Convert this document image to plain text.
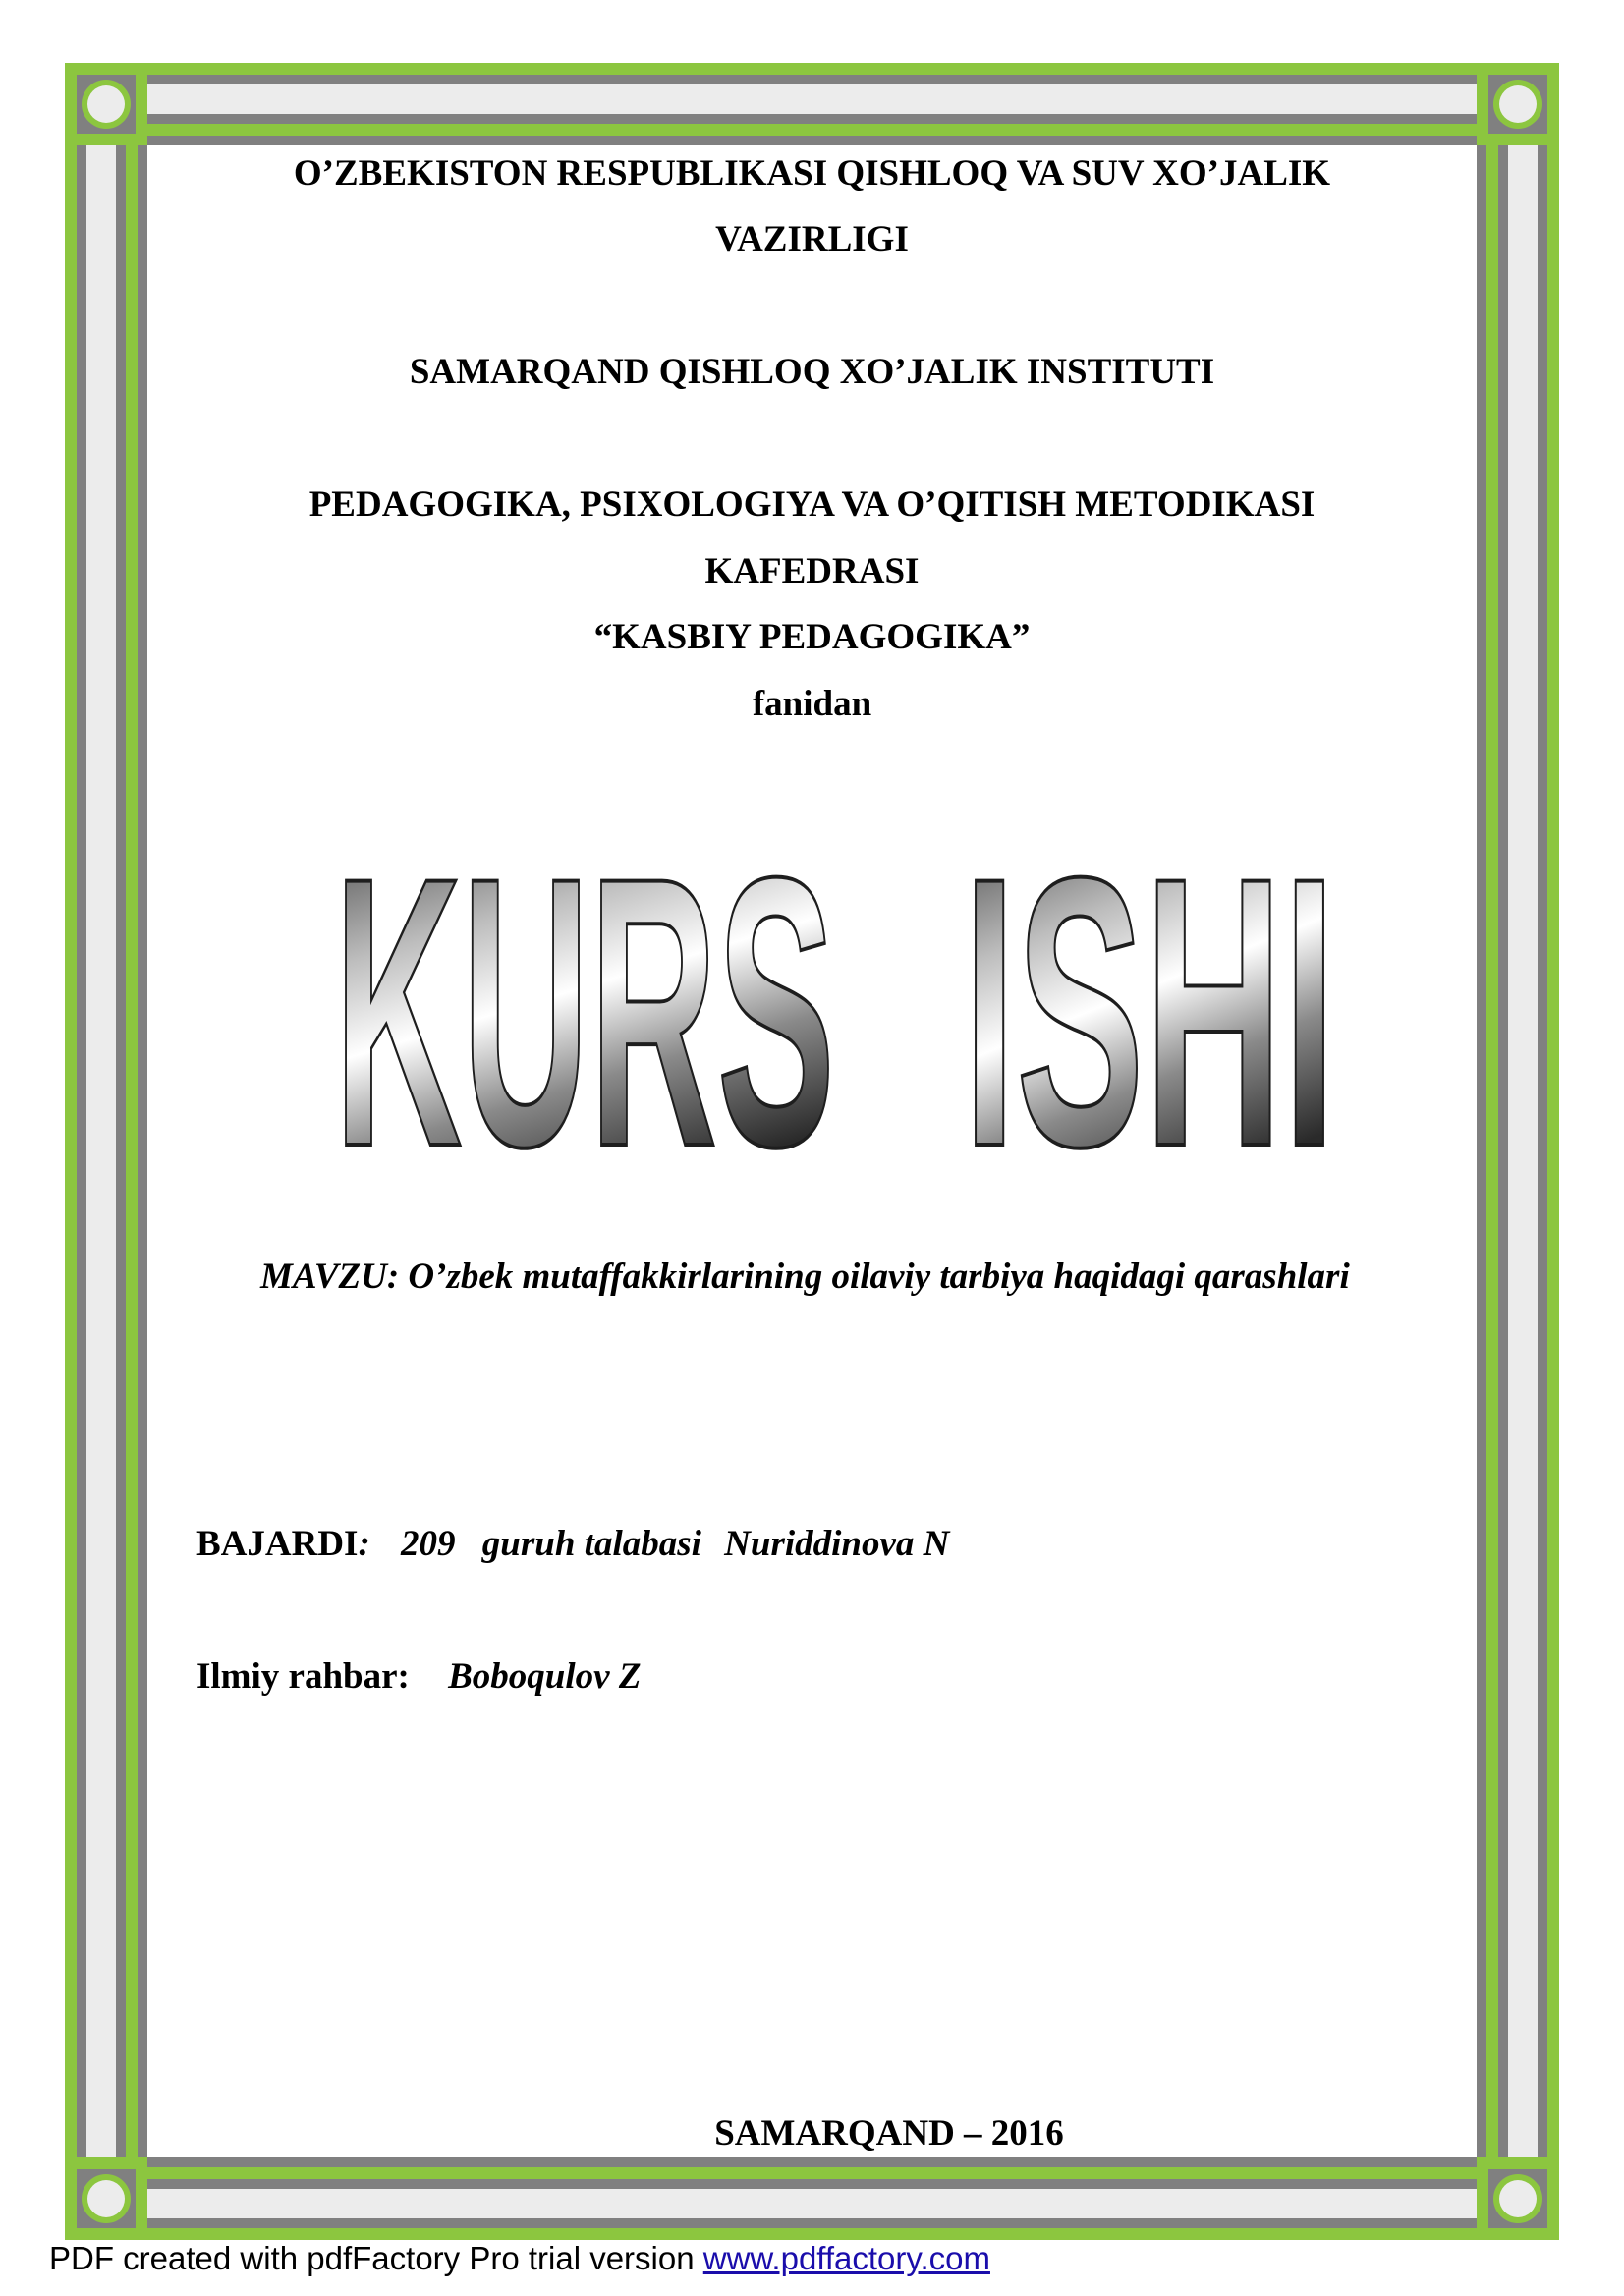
O’ZBEKISTON RESPUBLIKASI QISHLOQ VA SUV XO’JALIK
VAZIRLIGI
SAMARQAND QISHLOQ XO’JALIK INSTITUTI
PEDAGOGIKA, PSIXOLOGIYA VA O’QITISH METODIKASI
KAFEDRASI
“KASBIY PEDAGOGIKA”
fanidan
KURS ISHI
MAVZU: O’zbek mutaffakkirlarining oilaviy tarbiya haqidagi qarashlari
BAJARDI: 209 guruh talabasi Nuriddinova N
Ilmiy rahbar: Boboqulov Z
SAMARQAND – 2016
PDF created with pdfFactory Pro trial version www.pdffactory.com
